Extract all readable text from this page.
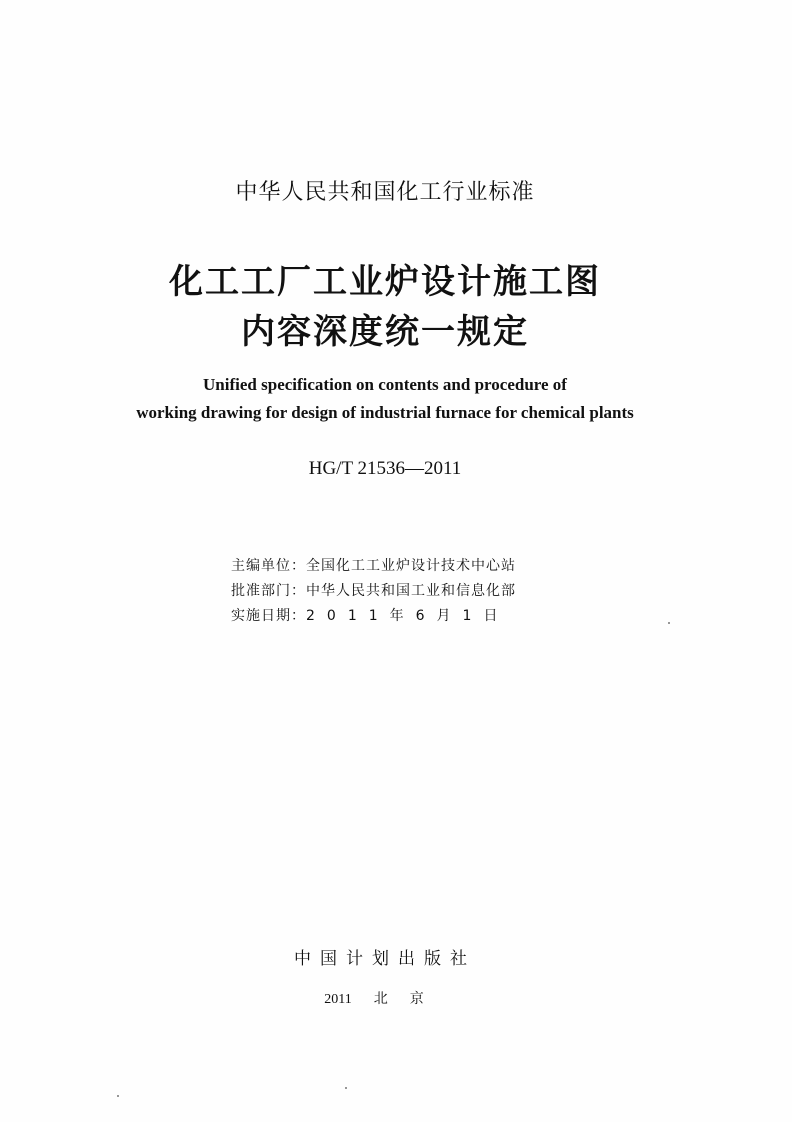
中华人民共和国化工行业标准
化工工厂工业炉设计施工图
内容深度统一规定
Unified specification on contents and procedure of
working drawing for design of industrial furnace for chemical plants
HG/T 21536—2011
主编单位：全国化工工业炉设计技术中心站
批准部门：中华人民共和国工业和信息化部
实施日期：2011年6月1日
中国计划出版社
2011 北京
